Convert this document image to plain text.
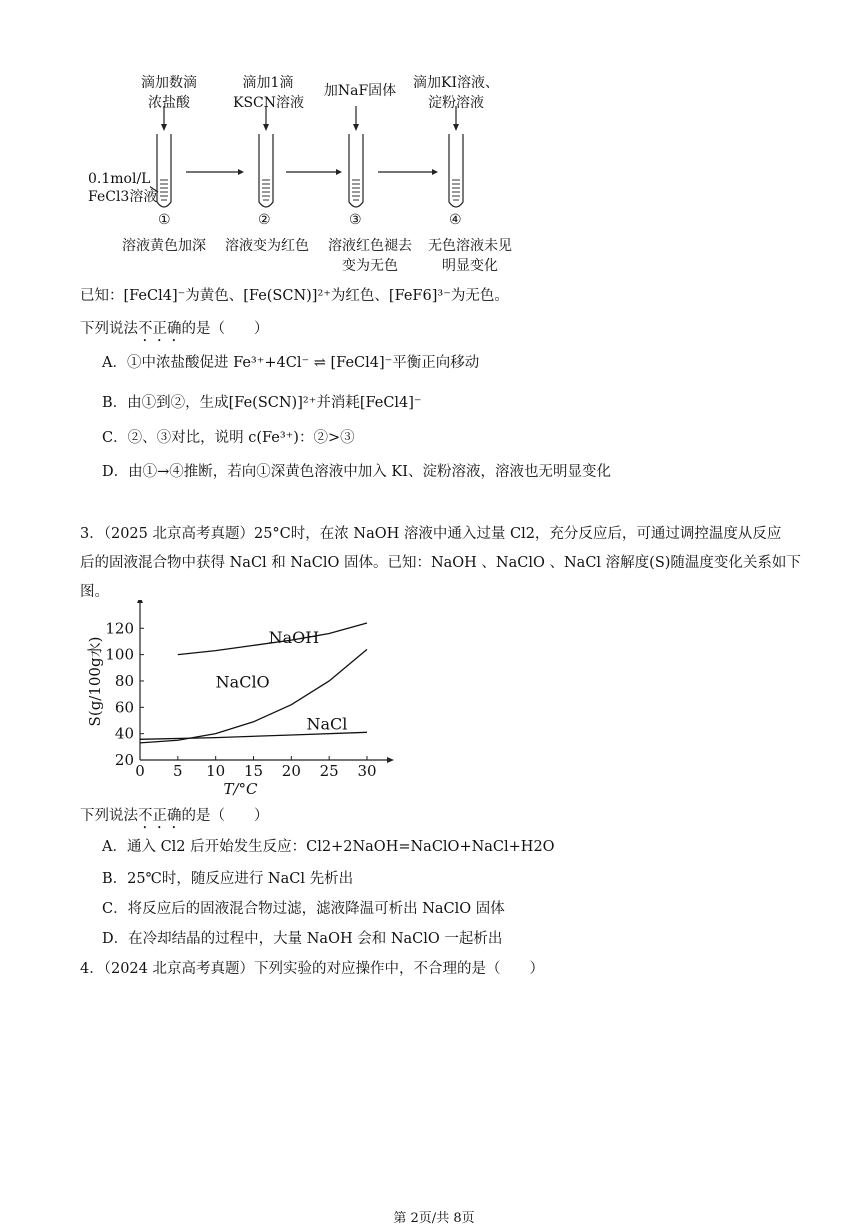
滴加数滴
浓盐酸
滴加1滴
KSCN溶液
加NaF固体 滴加KI溶液、
淀粉溶液
0.1mol/L
FeCl3溶液
①	②	③	④
溶液黄色加深 溶液变为红色 溶液红色褪去
变为无色
无色溶液未见
明显变化
已知：[FeCl4]⁻为黄色、[Fe(SCN)]²⁺为红色、[FeF6]³⁻为无色。
下列说法不正确的是（　　）
A．①中浓盐酸促进 Fe³⁺+4Cl⁻ ⇌ [FeCl4]⁻平衡正向移动
B．由①到②，生成[Fe(SCN)]²⁺并消耗[FeCl4]⁻
C．②、③对比，说明 c(Fe³⁺)：②>③
D．由①→④推断，若向①深黄色溶液中加入 KI、淀粉溶液，溶液也无明显变化
3．（2025 北京高考真题）25°C时，在浓 NaOH 溶液中通入过量 Cl2，充分反应后，可通过调控温度从反应
后的固液混合物中获得 NaCl 和 NaClO 固体。已知：NaOH 、NaClO 、NaCl 溶解度(S)随温度变化关系如下
图。
0 5 10 15 20 25 30
20
40
60
80
100
120	NaOH
NaClO
NaCl
T/°C
S(g/100g水)
下列说法不正确的是（　　）
A．通入 Cl2 后开始发生反应：Cl2+2NaOH=NaClO+NaCl+H2O
B．25℃时，随反应进行 NaCl 先析出
C．将反应后的固液混合物过滤，滤液降温可析出 NaClO 固体
D．在冷却结晶的过程中，大量 NaOH 会和 NaClO 一起析出
4．（2024 北京高考真题）下列实验的对应操作中，不合理的是（　　）
第 2页/共 8页
